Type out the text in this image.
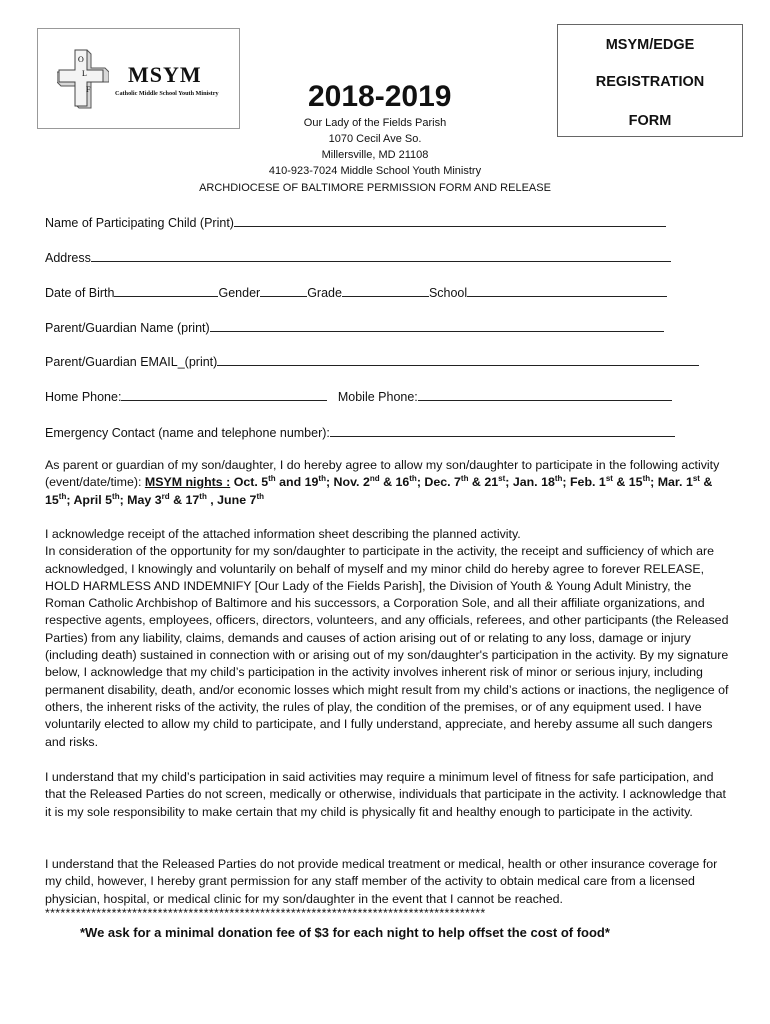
O
L
F
MSYM
Catholic Middle School Youth Ministry	2018-2019
Our Lady of the Fields Parish
1070 Cecil Ave So.
Millersville, MD 21108
410-923-7024 Middle School Youth Ministry
ARCHDIOCESE OF BALTIMORE PERMISSION FORM AND RELEASE
MSYM/EDGE
REGISTRATION
FORM
Name of Participating Child (Print)
Address
Date of Birth	Gender	Grade	School
Parent/Guardian Name (print)
Parent/Guardian EMAIL_(print)
Home Phone:	Mobile Phone:
Emergency Contact (name and telephone number):

As parent or guardian of my son/daughter, I do hereby agree to allow my son/daughter to participate in the following activity (event/date/time): MSYM nights : Oct. 5th and 19th; Nov. 2nd & 16th; Dec. 7th & 21st; Jan. 18th; Feb. 1st & 15th; Mar. 1st & 15th; April 5th; May 3rd & 17th , June 7th

I acknowledge receipt of the attached information sheet describing the planned activity.

In consideration of the opportunity for my son/daughter to participate in the activity, the receipt and sufficiency of which are acknowledged, I knowingly and voluntarily on behalf of myself and my minor child do hereby agree to forever RELEASE, HOLD HARMLESS AND INDEMNIFY [Our Lady of the Fields Parish], the Division of Youth & Young Adult Ministry, the Roman Catholic Archbishop of Baltimore and his successors, a Corporation Sole, and all their affiliate organizations, and respective agents, employees, officers, directors, volunteers, and any officials, referees, and other participants (the Released Parties) from any liability, claims, demands and causes of action arising out of or relating to any loss, damage or injury (including death) sustained in connection with or arising out of my son/daughter's participation in the activity. By my signature below, I acknowledge that my child’s participation in the activity involves inherent risk of minor or serious injury, including permanent disability, death, and/or economic losses which might result from my child’s actions or inactions, the negligence of others, the inherent risks of the activity, the rules of play, the condition of the premises, or of any equipment used. I have voluntarily elected to allow my child to participate, and I fully understand, appreciate, and hereby assume all such dangers and risks.

I understand that my child’s participation in said activities may require a minimum level of fitness for safe participation, and that the Released Parties do not screen, medically or otherwise, individuals that participate in the activity. I acknowledge that it is my sole responsibility to make certain that my child is physically fit and healthy enough to participate in the activity.
I understand that the Released Parties do not provide medical treatment or medical, health or other insurance coverage for my child, however, I hereby grant permission for any staff member of the activity to obtain medical care from a licensed physician, hospital, or medical clinic for my son/daughter in the event that I cannot be reached.
**************************************************************************************
*We ask for a minimal donation fee of $3 for each night to help offset the cost of food*
